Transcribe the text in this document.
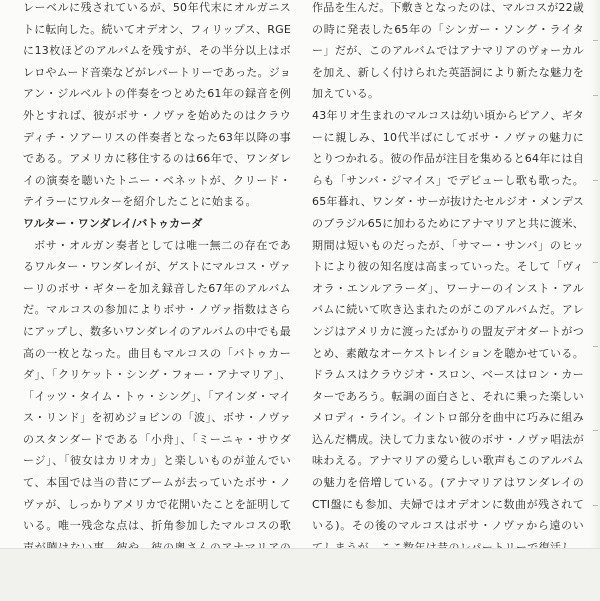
レーベルに残されているが、50年代末にオルガニストに転向した。続いてオデオン、フィリップス、RGEに13枚ほどのアルバムを残すが、その半分以上はボレロやムード音楽などがレパートリーであった。ジョアン・ジルベルトの伴奏をつとめた61年の録音を例外とすれば、彼がボサ・ノヴァを始めたのはクラウディチ・ソアーリスの伴奏者となった63年以降の事である。アメリカに移住するのは66年で、ワンダレイの演奏を聴いたトニー・ベネットが、クリード・テイラーにワルターを紹介したことに始まる。

ワルター・ワンダレイ/バトゥカーダ

ボサ・オルガン奏者としては唯一無二の存在であるワルター・ワンダレイが、ゲストにマルコス・ヴァーリのボサ・ギターを加え録音した67年のアルバムだ。マルコスの参加によりボサ・ノヴァ指数はさらにアップし、数多いワンダレイのアルバムの中でも最高の一枚となった。曲目もマルコスの「バトゥカーダ」、「クリケット・シング・フォー・アナマリア」、「イッツ・タイム・トゥ・シング」、「アインダ・マイス・リンド」を初めジョビンの「波」、ボサ・ノヴァのスタンダードである「小舟」、「ミーニャ・サウダージ」、「彼女はカリオカ」と楽しいものが並んでいて、本国では当の昔にブームが去っていたボサ・ノヴァが、しっかりアメリカで花開いたことを証明している。唯一残念な点は、折角参加したマルコスの歌

作品を生んだ。下敷きとなったのは、マルコスが22歳の時に発表した65年の「シンガー・ソング・ライター」だが、このアルバムではアナマリアのヴォーカルを加え、新しく付けられた英語詞により新たな魅力を加えている。

43年リオ生まれのマルコスは幼い頃からピアノ、ギターに親しみ、10代半ばにしてボサ・ノヴァの魅力にとりつかれる。彼の作品が注目を集めると64年には自らも「サンバ・ジマイス」でデビューし歌も歌った。65年暮れ、ワンダ・サーが抜けたセルジオ・メンデスのブラジル65に加わるためにアナマリアと共に渡米、期間は短いものだったが、「サマー・サンバ」のヒットにより彼の知名度は高まっていった。そして「ヴィオラ・エンルアラーダ」、ワーナーのインスト・アルバムに続いて吹き込まれたのがこのアルバムだ。アレンジはアメリカに渡ったばかりの盟友デオダートがつとめ、素敵なオーケストレイションを聴かせている。ドラムスはクラウジオ・スロン、ベースはロン・カーターであろう。転調の面白さと、それに乗った楽しいメロディ・ライン。イントロ部分を曲中に巧みに組み込んだ構成。決して力まない彼のボサ・ノヴァ唱法が味わえる。アナマリアの愛らしい歌声もこのアルバムの魅力を倍増している。(アナマリアはワンダレイのCTI盤にも参加、夫婦ではオデオンに数曲が残されている)。その後のマルコスはボサ・ノヴァから遠のい
